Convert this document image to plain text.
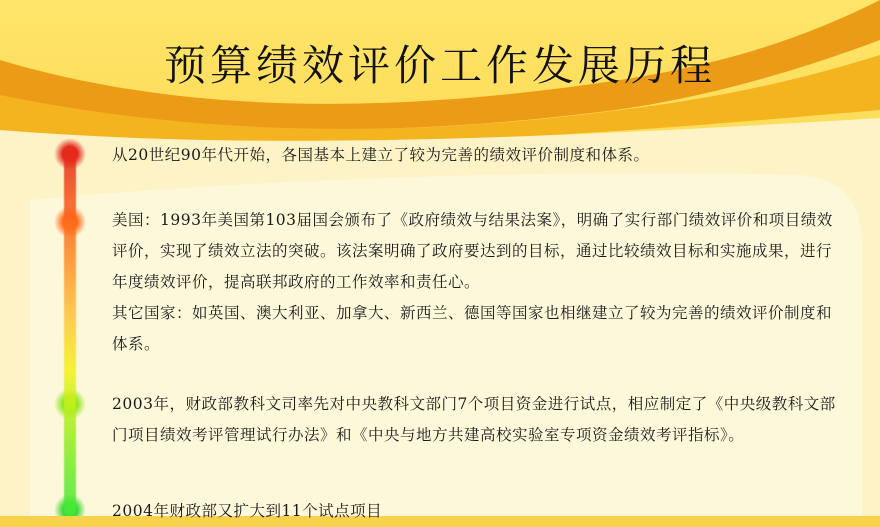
预算绩效评价工作发展历程
从20世纪90年代开始，各国基本上建立了较为完善的绩效评价制度和体系。
美国：1993年美国第103届国会颁布了《政府绩效与结果法案》，明确了实行部门绩效评价和项目绩效评价，实现了绩效立法的突破。该法案明确了政府要达到的目标，通过比较绩效目标和实施成果，进行年度绩效评价，提高联邦政府的工作效率和责任心。
其它国家：如英国、澳大利亚、加拿大、新西兰、德国等国家也相继建立了较为完善的绩效评价制度和体系。
2003年，财政部教科文司率先对中央教科文部门7个项目资金进行试点，相应制定了《中央级教科文部门项目绩效考评管理试行办法》和《中央与地方共建高校实验室专项资金绩效考评指标》。
2004年财政部又扩大到11个试点项目
